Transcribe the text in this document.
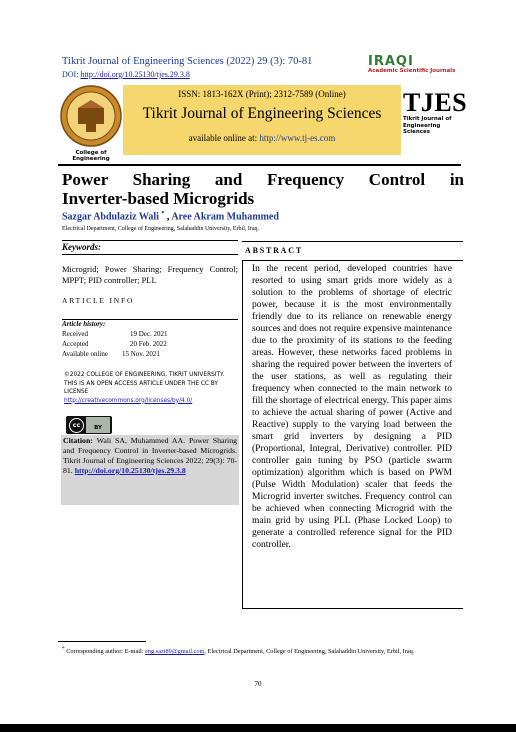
Tikrit Journal of Engineering Sciences (2022) 29 (3): 70-81
DOI: http://doi.org/10.25130/tjes.29.3.8
IRAQI
Academic Scientific Journals
College of Engineering
ISSN: 1813-162X (Print); 2312-7589 (Online)
Tikrit Journal of Engineering Sciences
available online at: http://www.tj-es.com
TJES
Tikrit Journal of
Engineering Sciences
Power Sharing and Frequency Control in
Inverter-based Microgrids
Sazgar Abdulaziz Wali * , Aree Akram Muhammed
Electrical Department, College of Engineering, Salahaddin University, Erbil, Iraq.
Keywords:
Microgrid; Power Sharing; Frequency Control; MPPT; PID controller; PLL
ARTICLE INFO
Article history:
Received	19 Dec. 2021
Accepted	20 Feb. 2022
Available online 15 Nov. 2021
©2022 COLLEGE OF ENGINEERING, TIKRIT UNIVERSITY. THIS IS AN OPEN ACCESS ARTICLE UNDER THE CC BY LICENSE
http://creativecommons.org/licenses/by/4.0/
cc	BY
Citation: Wali SA, Muhammed AA. Power Sharing and Frequency Control in Inverter-based Microgrids. Tikrit Journal of Engineering Sciences 2022; 29(3): 70- 81. http://doi.org/10.25130/tjes.29.3.8
ABSTRACT
In the recent period, developed countries have resorted to using smart grids more widely as a solution to the problems of shortage of electric power, because it is the most environmentally friendly due to its reliance on renewable energy sources and does not require expensive maintenance due to the proximity of its stations to the feeding areas. However, these networks faced problems in sharing the required power between the inverters of the user stations, as well as regulating their frequency when connected to the main network to fill the shortage of electrical energy. This paper aims to achieve the actual sharing of power (Active and Reactive) supply to the varying load between the smart grid inverters by designing a PID (Proportional, Integral, Derivative) controller. PID controller gain tuning by PSO (particle swarm optimization) algorithm which is based on PWM (Pulse Width Modulation) scaler that feeds the Microgrid inverter switches. Frequency control can be achieved when connecting Microgrid with the main grid by using PLL (Phase Locked Loop) to generate a controlled reference signal for the PID controller.
* Corresponding author: E-mail: eng.sazi89@gmail.com, Electrical Department, College of Engineering, Salahaddin University, Erbil, Iraq.
70
